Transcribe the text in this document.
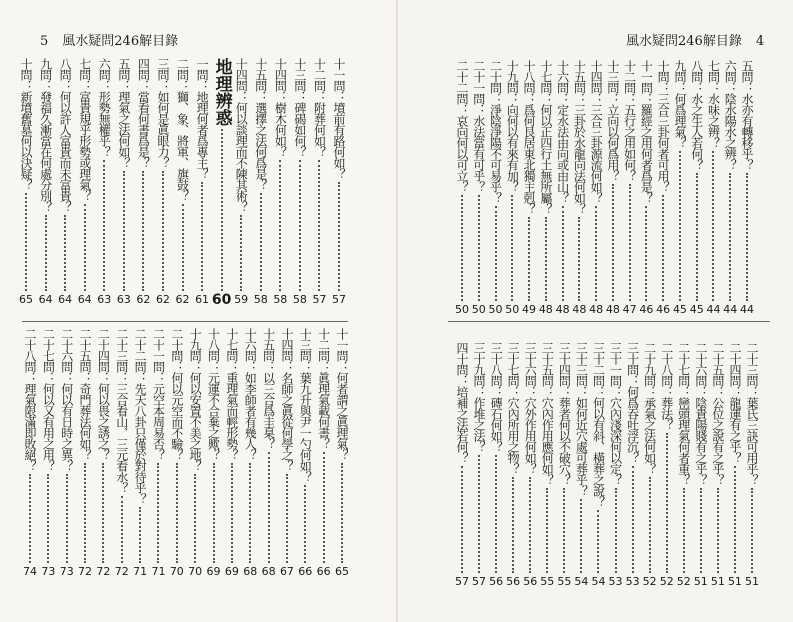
5 風水疑問246解目錄
十問：新墳舊墓何以決疑？
65
九問：發福久漸當在何處分別？
64
八問：何以許人富貴而未富貴？
64
七問：富貴規乎形勢或理氣？
64
六問：形勢無權乎？
63
五問：理氣之法何如？
63
四問：當看何書爲是？
62
三問：如何是眞眼力？
62
二問：獅、象、將軍、旗鼓？
62
一問：地理何者爲專主？
61
地理辨惑
60
十四問：何以談理而不陳其術？
59
十五問：選擇之法何爲是？
58
十四問：樹木何如？
58
十三問：碑碣如何？
58
十二問：附葬何如？
57
十一問：墳前有路何如？
57
二十八問：理氣限滿即敗絕？
74
二十七問：何以又有用之用？
73
二十六問：何以有日時之異？
73
二十五問：奇門葬法何如？
72
二十四問：何以畏之誘之？
72
二十三問：三合看山、三元看水？
72
二十二問：先天八卦只僅於對待乎？
71
二十一問：元空本周易否？
71
二十問：何以元空而不驗？
70
十九問：何以安置不美之地？
70
十八問：元運不合棄之歟？
69
十七問：重理氣而輕形勢？
69
十六問：如李師者有幾人？
68
十五問：以三合爲圭臬？
68
十四問：名師之眞從何學之？
67
十三問：葉九升與尹一勺何如？
66
十二問：眞理氣載何書？
66
十一問：何者謂之眞理氣？
65
風水疑問246解目錄 4
二十二問：哀向何以可立？
50
二十一問：水法當有可乎？
50
二十問：淨陰淨陽不可易乎？
50
十九問：向何以有來有加？
50
十八問：爲何艮居東北獨主剋？
49
十七問：何以正四行土無所屬？
48
十六問：定水法由向或由山？
48
十五問：三卦於水龍向法何如？
48
十四問：三合三卦源流何如？
48
十三問：立向以何爲用？
48
十二問：五行之用如何？
47
十一問：羅經之用何者爲是？
46
十問：三合三卦何者可用？
46
九問：何爲理氣？
45
八問：水之生人若何？
45
七問：水味之辨？
44
六問：陰水陽水之辨？
44
五問：水亦有轉移乎？
44
四十問：培補之法若何？
57
三十九問：作堆之法？
57
三十八問：磚石何如？
56
三十七問：穴內所用之物？
56
三十六問：穴外作用何如？
56
三十五問：穴內作用應何如？
55
三十四問：葬者何以不破穴？
55
三十三問：如何近穴處可葬乎？
54
三十二問：何以有斜、橫葬之說？
54
三十一問：穴內淺深何以定？
53
三十問：何爲吞吐浮沉？
53
二十九問：承氣之法何如？
52
二十八問：葬法？
52
二十七問：巒頭理氣何者重？
52
二十六問：陰貴陽賤有之乎？
51
二十五問：公位之說有之乎？
51
二十四問：龍運有之乎？
51
二十三問：葉氏三訣可用乎？
51
